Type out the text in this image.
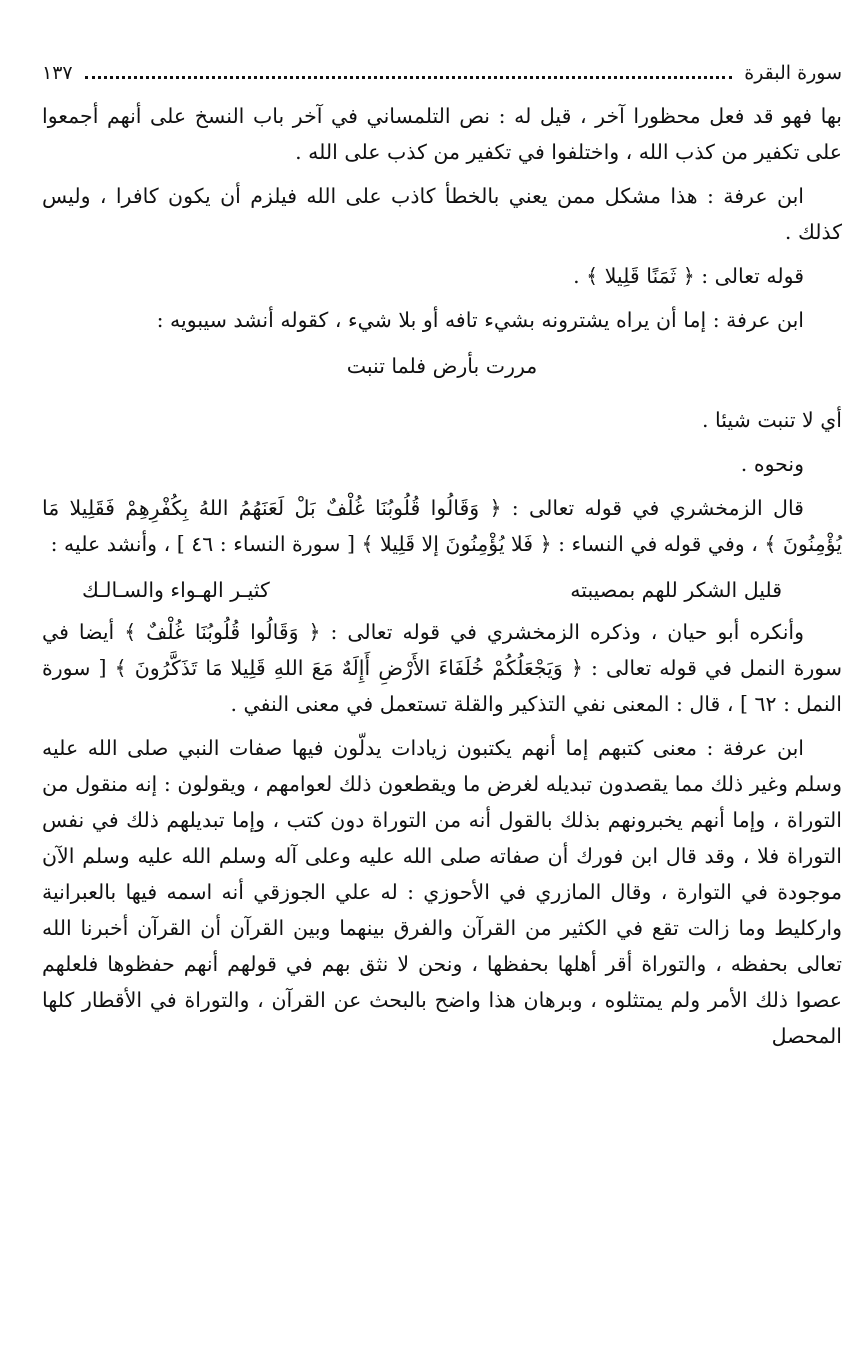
سورة البقرة
١٣٧

بها فهو قد فعل محظورا آخر ، قيل له : نص التلمساني في آخر باب النسخ على أنهم أجمعوا على تكفير من كذب الله ، واختلفوا في تكفير من كذب على الله .

ابن عرفة : هذا مشكل ممن يعني بالخطأ كاذب على الله فيلزم أن يكون كافرا ، وليس كذلك .

قوله تعالى : ﴿ ثَمَنًا قَلِيلا ﴾ .

ابن عرفة : إما أن يراه يشترونه بشيء تافه أو بلا شيء ، كقوله أنشد سيبويه :

مررت بأرض فلما تنبت

أي لا تنبت شيئا .

ونحوه .

قال الزمخشري في قوله تعالى : ﴿ وَقَالُوا قُلُوبُنَا غُلْفٌ بَلْ لَعَنَهُمُ اللهُ بِكُفْرِهِمْ فَقَلِيلا مَا يُؤْمِنُونَ ﴾ ، وفي قوله في النساء : ﴿ فَلا يُؤْمِنُونَ إلا قَلِيلا ﴾ [ سورة النساء : ٤٦ ] ، وأنشد عليه :

قليل الشكر للهم بمصيبته
كثيـر الهـواء والسـالـك

وأنكره أبو حيان ، وذكره الزمخشري في قوله تعالى : ﴿ وَقَالُوا قُلُوبُنَا غُلْفٌ ﴾ أيضا في سورة النمل في قوله تعالى : ﴿ وَيَجْعَلُكُمْ خُلَفَاءَ الأَرْضِ أَإِلَهٌ مَعَ اللهِ قَلِيلا مَا تَذَكَّرُونَ ﴾ [ سورة النمل : ٦٢ ] ، قال : المعنى نفي التذكير والقلة تستعمل في معنى النفي .

ابن عرفة : معنى كتبهم إما أنهم يكتبون زيادات يدلّون فيها صفات النبي صلى الله عليه وسلم وغير ذلك مما يقصدون تبديله لغرض ما ويقطعون ذلك لعوامهم ، ويقولون : إنه منقول من التوراة ، وإما أنهم يخبرونهم بذلك بالقول أنه من التوراة دون كتب ، وإما تبديلهم ذلك في نفس التوراة فلا ، وقد قال ابن فورك أن صفاته صلى الله عليه وعلى آله وسلم الله عليه وسلم الآن موجودة في التوارة ، وقال المازري في الأحوزي : له علي الجوزقي أنه اسمه فيها بالعبرانية واركليط وما زالت تقع في الكثير من القرآن والفرق بينهما وبين القرآن أن القرآن أخبرنا الله تعالى بحفظه ، والتوراة أقر أهلها بحفظها ، ونحن لا نثق بهم في قولهم أنهم حفظوها فلعلهم عصوا ذلك الأمر ولم يمتثلوه ، وبرهان هذا واضح بالبحث عن القرآن ، والتوراة في الأقطار كلها المحصل
